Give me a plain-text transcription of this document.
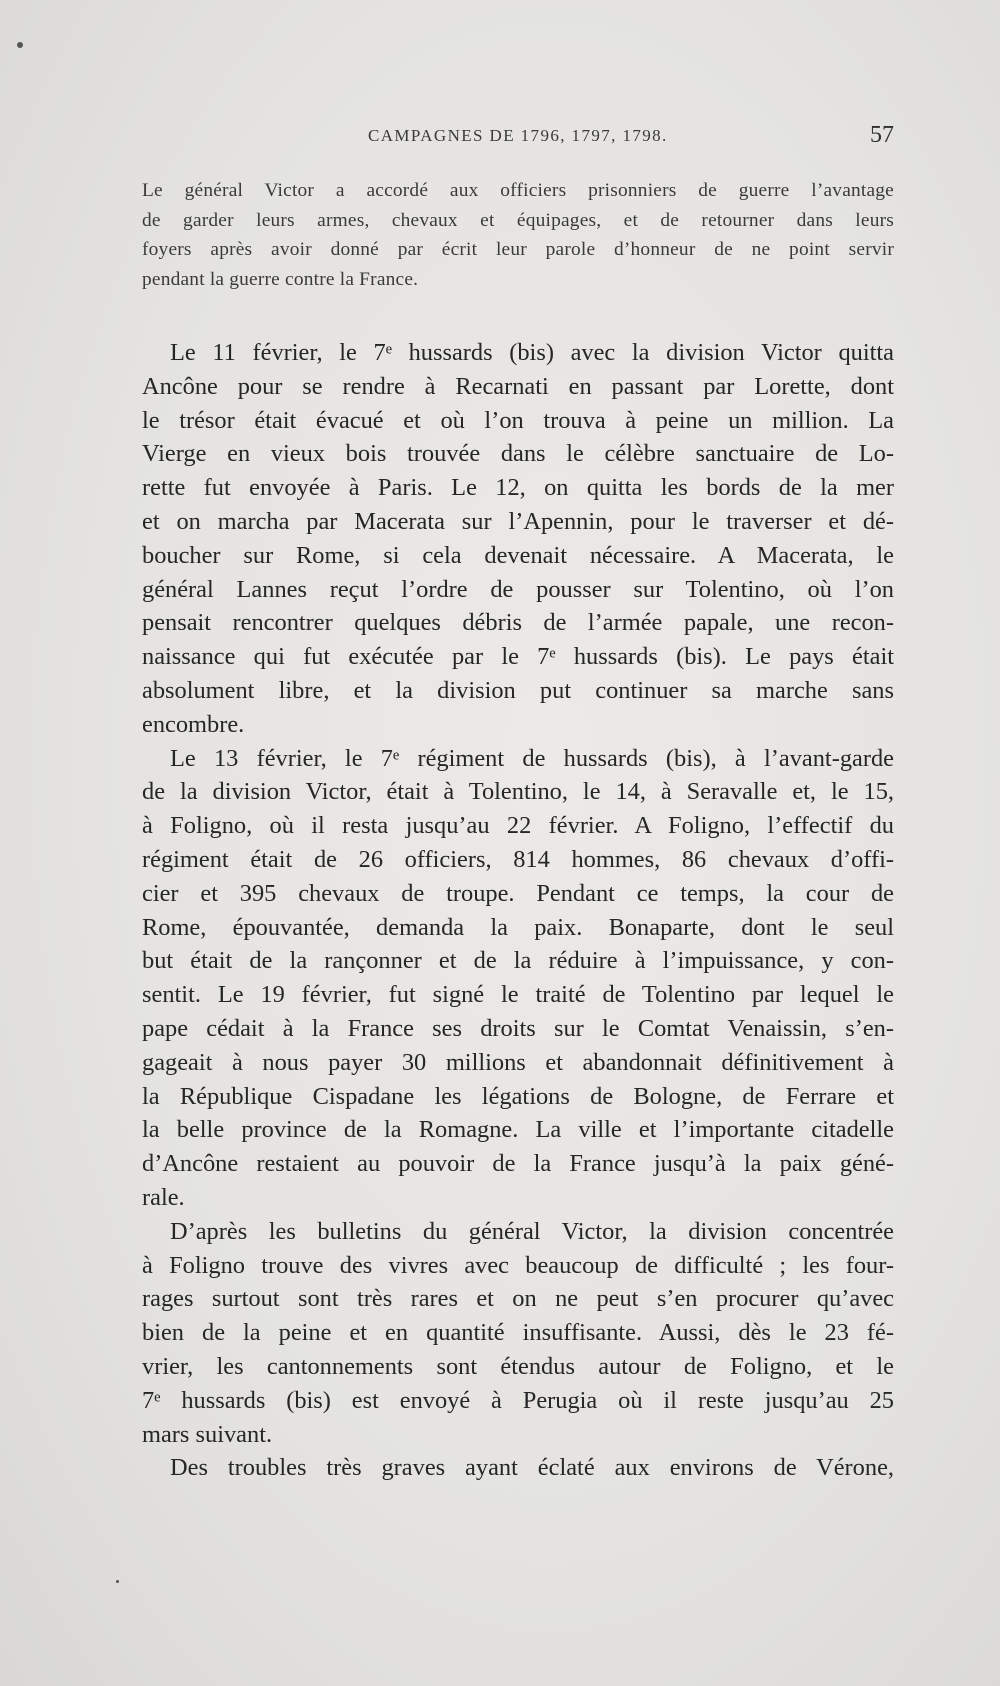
CAMPAGNES DE 1796, 1797, 1798.	57

Le général Victor a accordé aux officiers prisonniers de guerre l’avantage
de garder leurs armes, chevaux et équipages, et de retourner dans leurs
foyers après avoir donné par écrit leur parole d’honneur de ne point servir
pendant la guerre contre la France.

Le 11 février, le 7ᵉ hussards (bis) avec la division Victor quitta
Ancône pour se rendre à Recarnati en passant par Lorette, dont
le trésor était évacué et où l’on trouva à peine un million. La
Vierge en vieux bois trouvée dans le célèbre sanctuaire de Lo-
rette fut envoyée à Paris. Le 12, on quitta les bords de la mer
et on marcha par Macerata sur l’Apennin, pour le traverser et dé-
boucher sur Rome, si cela devenait nécessaire. A Macerata, le
général Lannes reçut l’ordre de pousser sur Tolentino, où l’on
pensait rencontrer quelques débris de l’armée papale, une recon-
naissance qui fut exécutée par le 7ᵉ hussards (bis). Le pays était
absolument libre, et la division put continuer sa marche sans
encombre.
Le 13 février, le 7ᵉ régiment de hussards (bis), à l’avant-garde
de la division Victor, était à Tolentino, le 14, à Seravalle et, le 15,
à Foligno, où il resta jusqu’au 22 février. A Foligno, l’effectif du
régiment était de 26 officiers, 814 hommes, 86 chevaux d’offi-
cier et 395 chevaux de troupe. Pendant ce temps, la cour de
Rome, épouvantée, demanda la paix. Bonaparte, dont le seul
but était de la rançonner et de la réduire à l’impuissance, y con-
sentit. Le 19 février, fut signé le traité de Tolentino par lequel le
pape cédait à la France ses droits sur le Comtat Venaissin, s’en-
gageait à nous payer 30 millions et abandonnait définitivement à
la République Cispadane les légations de Bologne, de Ferrare et
la belle province de la Romagne. La ville et l’importante citadelle
d’Ancône restaient au pouvoir de la France jusqu’à la paix géné-
rale.
D’après les bulletins du général Victor, la division concentrée
à Foligno trouve des vivres avec beaucoup de difficulté ; les four-
rages surtout sont très rares et on ne peut s’en procurer qu’avec
bien de la peine et en quantité insuffisante. Aussi, dès le 23 fé-
vrier, les cantonnements sont étendus autour de Foligno, et le
7ᵉ hussards (bis) est envoyé à Perugia où il reste jusqu’au 25
mars suivant.
Des troubles très graves ayant éclaté aux environs de Vérone,
